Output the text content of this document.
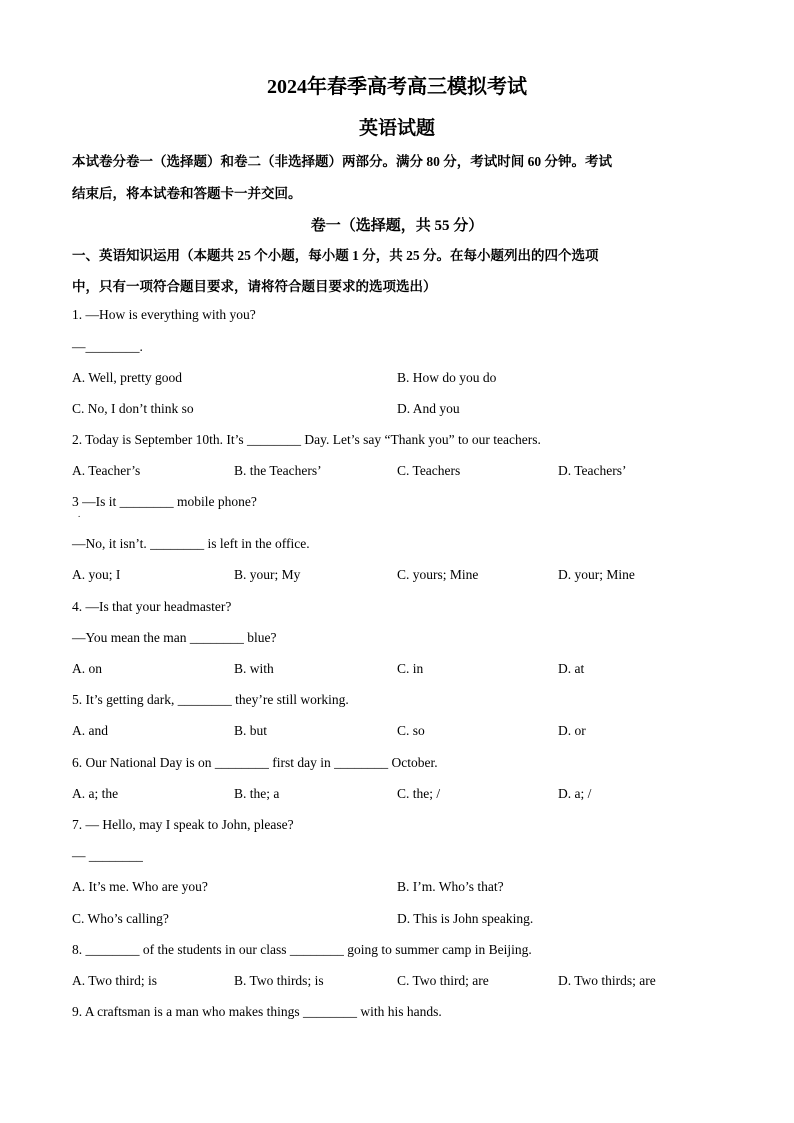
2024年春季高考高三模拟考试
英语试题
本试卷分卷一（选择题）和卷二（非选择题）两部分。满分 80 分，考试时间 60 分钟。考试
结束后，将本试卷和答题卡一并交回。
卷一（选择题，共 55 分）
一、英语知识运用（本题共 25 个小题，每小题 1 分，共 25 分。在每小题列出的四个选项
中，只有一项符合题目要求，请将符合题目要求的选项选出）
1. —How is everything with you?
—________.
A. Well, pretty good	B. How do you do
C. No, I don’t think so	D. And you
2. Today is September 10th. It’s ________ Day. Let’s say “Thank you” to our teachers.
A. Teacher’s	B. the Teachers’	C. Teachers	D. Teachers’
3 —Is it ________ mobile phone?
.
—No, it isn’t. ________ is left in the office.
A. you; I	B. your; My	C. yours; Mine	D. your; Mine
4. —Is that your headmaster?
—You mean the man ________ blue?
A. on	B. with	C. in	D. at
5. It’s getting dark, ________ they’re still working.
A. and	B. but	C. so	D. or
6. Our National Day is on ________ first day in ________ October.
A. a; the	B. the; a	C. the; /	D. a; /
7. — Hello, may I speak to John, please?
— ________
A. It’s me. Who are you?	B. I’m. Who’s that?
C. Who’s calling?	D. This is John speaking.
8. ________ of the students in our class ________ going to summer camp in Beijing.
A. Two third; is	B. Two thirds; is	C. Two third; are	D. Two thirds; are
9. A craftsman is a man who makes things ________ with his hands.
